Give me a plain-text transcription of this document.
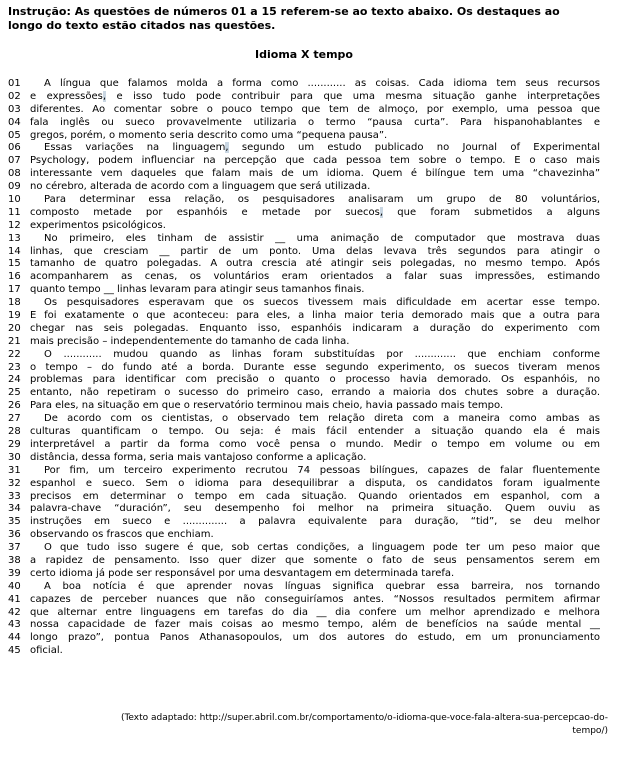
Instrução: As questões de números 01 a 15 referem-se ao texto abaixo. Os destaques ao longo do texto estão citados nas questões.
Idioma X tempo
01	A língua que falamos molda a forma como ............ as coisas. Cada idioma tem seus recursos
02 e expressões, e isso tudo pode contribuir para que uma mesma situação ganhe interpretações
03 diferentes. Ao comentar sobre o pouco tempo que tem de almoço, por exemplo, uma pessoa que
04 fala inglês ou sueco provavelmente utilizaria o termo “pausa curta”. Para hispanohablantes e
05 gregos, porém, o momento seria descrito como uma “pequena pausa”.
06	Essas variações na linguagem, segundo um estudo publicado no Journal of Experimental
07 Psychology, podem influenciar na percepção que cada pessoa tem sobre o tempo. E o caso mais
08 interessante vem daqueles que falam mais de um idioma. Quem é bilíngue tem uma “chavezinha”
09 no cérebro, alterada de acordo com a linguagem que será utilizada.
10	Para determinar essa relação, os pesquisadores analisaram um grupo de 80 voluntários,
11 composto metade por espanhóis e metade por suecos, que foram submetidos a alguns
12 experimentos psicológicos.
13	No primeiro, eles tinham de assistir __ uma animação de computador que mostrava duas
14 linhas, que cresciam __ partir de um ponto. Uma delas levava três segundos para atingir o
15 tamanho de quatro polegadas. A outra crescia até atingir seis polegadas, no mesmo tempo. Após
16 acompanharem as cenas, os voluntários eram orientados a falar suas impressões, estimando
17 quanto tempo __ linhas levaram para atingir seus tamanhos finais.
18	Os pesquisadores esperavam que os suecos tivessem mais dificuldade em acertar esse tempo.
19 E foi exatamente o que aconteceu: para eles, a linha maior teria demorado mais que a outra para
20 chegar nas seis polegadas. Enquanto isso, espanhóis indicaram a duração do experimento com
21 mais precisão – independentemente do tamanho de cada linha.
22	O ............ mudou quando as linhas foram substituídas por ............. que enchiam conforme
23 o tempo – do fundo até a borda. Durante esse segundo experimento, os suecos tiveram menos
24 problemas para identificar com precisão o quanto o processo havia demorado. Os espanhóis, no
25 entanto, não repetiram o sucesso do primeiro caso, errando a maioria dos chutes sobre a duração.
26 Para eles, na situação em que o reservatório terminou mais cheio, havia passado mais tempo.
27	De acordo com os cientistas, o observado tem relação direta com a maneira como ambas as
28 culturas quantificam o tempo. Ou seja: é mais fácil entender a situação quando ela é mais
29 interpretável a partir da forma como você pensa o mundo. Medir o tempo em volume ou em
30 distância, dessa forma, seria mais vantajoso conforme a aplicação.
31	Por fim, um terceiro experimento recrutou 74 pessoas bilíngues, capazes de falar fluentemente
32 espanhol e sueco. Sem o idioma para desequilibrar a disputa, os candidatos foram igualmente
33 precisos em determinar o tempo em cada situação. Quando orientados em espanhol, com a
34 palavra-chave “duración”, seu desempenho foi melhor na primeira situação. Quem ouviu as
35 instruções em sueco e .............. a palavra equivalente para duração, “tid”, se deu melhor
36 observando os frascos que enchiam.
37	O que tudo isso sugere é que, sob certas condições, a linguagem pode ter um peso maior que
38 a rapidez de pensamento. Isso quer dizer que somente o fato de seus pensamentos serem em
39 certo idioma já pode ser responsável por uma desvantagem em determinada tarefa.
40	A boa notícia é que aprender novas línguas significa quebrar essa barreira, nos tornando
41 capazes de perceber nuances que não conseguiríamos antes. “Nossos resultados permitem afirmar
42 que alternar entre linguagens em tarefas do dia __ dia confere um melhor aprendizado e melhora
43 nossa capacidade de fazer mais coisas ao mesmo tempo, além de benefícios na saúde mental __
44 longo prazo”, pontua Panos Athanasopoulos, um dos autores do estudo, em um pronunciamento
45 oficial.
(Texto adaptado: http://super.abril.com.br/comportamento/o-idioma-que-voce-fala-altera-sua-percepcao-do-
tempo/)
